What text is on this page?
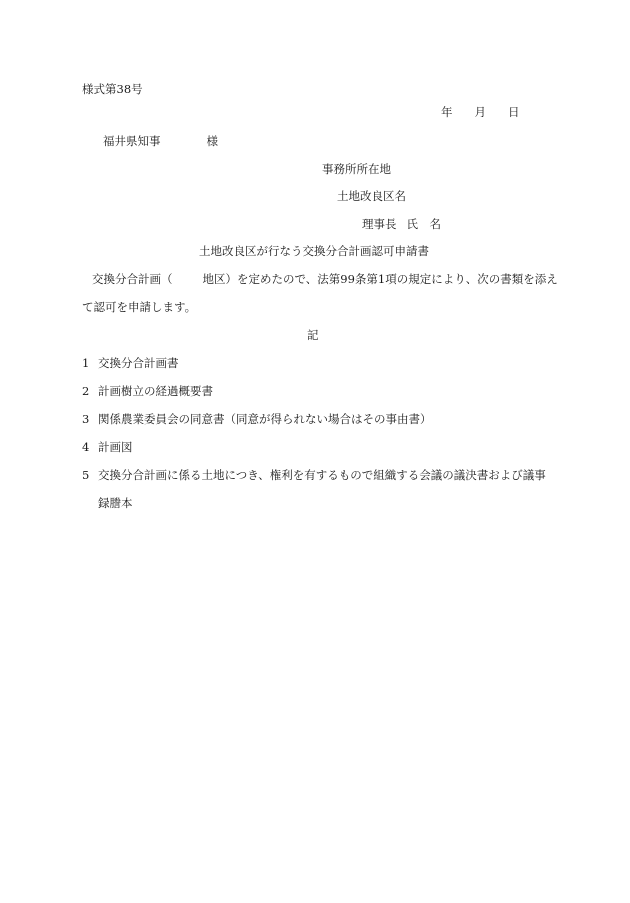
様式第38号
年 月 日
福井県知事	様
事務所所在地
土地改良区名
理事長 氏　名
土地改良区が行なう交換分合計画認可申請書
交換分合計画（	地区）を定めたので、法第99条第1項の規定により、次の書類を添え
て認可を申請します。
記
1 交換分合計画書
2 計画樹立の経過概要書
3 関係農業委員会の同意書（同意が得られない場合はその事由書）
4 計画図
5 交換分合計画に係る土地につき、権利を有するもので組織する会議の議決書および議事
録謄本
